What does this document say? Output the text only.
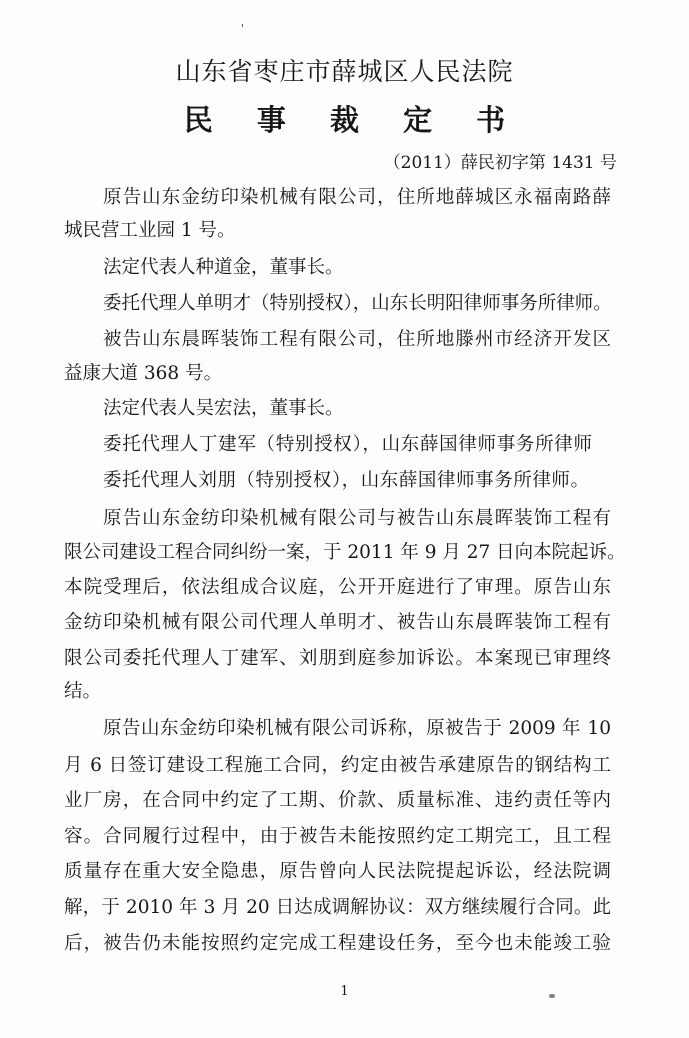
'
山东省枣庄市薛城区人民法院
民 事 裁 定 书
（2011）薛民初字第 1431 号
原告山东金纺印染机械有限公司，住所地薛城区永福南路薛
城民营工业园 1 号。
法定代表人种道金，董事长。
委托代理人单明才（特别授权），山东长明阳律师事务所律师。
被告山东晨晖装饰工程有限公司，住所地滕州市经济开发区
益康大道 368 号。
法定代表人吴宏法，董事长。
委托代理人丁建军（特别授权），山东薛国律师事务所律师
委托代理人刘朋（特别授权），山东薛国律师事务所律师。
原告山东金纺印染机械有限公司与被告山东晨晖装饰工程有
限公司建设工程合同纠纷一案，于 2011 年 9 月 27 日向本院起诉。
本院受理后，依法组成合议庭，公开开庭进行了审理。原告山东
金纺印染机械有限公司代理人单明才、被告山东晨晖装饰工程有
限公司委托代理人丁建军、刘朋到庭参加诉讼。本案现已审理终
结。
原告山东金纺印染机械有限公司诉称，原被告于 2009 年 10
月 6 日签订建设工程施工合同，约定由被告承建原告的钢结构工
业厂房，在合同中约定了工期、价款、质量标准、违约责任等内
容。合同履行过程中，由于被告未能按照约定工期完工，且工程
质量存在重大安全隐患，原告曾向人民法院提起诉讼，经法院调
解，于 2010 年 3 月 20 日达成调解协议：双方继续履行合同。此
后，被告仍未能按照约定完成工程建设任务，至今也未能竣工验
1
